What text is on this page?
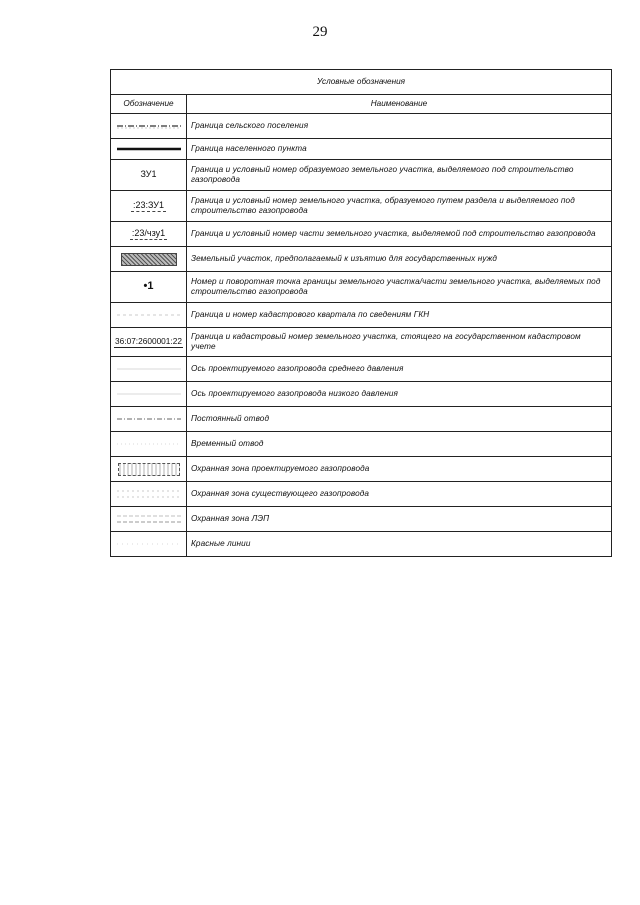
29
Условные обозначения	
Обозначение	Наименование

	Граница сельского поселения

	Граница населенного пункта

ЗУ1	Граница и условный номер образуемого земельного участка, выделяемого под строительство газопровода

:23:ЗУ1	Граница и условный номер земельного участка, образуемого путем раздела и выделяемого под строительство газопровода

:23/чзу1	Граница и условный номер части земельного участка, выделяемой под строительство газопровода

	Земельный участок, предполагаемый к изъятию для государственных нужд

• 1	Номер и поворотная точка границы земельного участка/части земельного участка, выделяемых под строительство газопровода

	Граница и номер кадастрового квартала по сведениям ГКН

36:07:2600001:22	Граница и кадастровый номер земельного участка, стоящего на государственном кадастровом учете

	Ось проектируемого газопровода среднего давления

	Ось проектируемого газопровода низкого давления

	Постоянный отвод

	Временный отвод

	Охранная зона проектируемого газопровода

	Охранная зона существующего газопровода

	Охранная зона ЛЭП

	Красные линии
